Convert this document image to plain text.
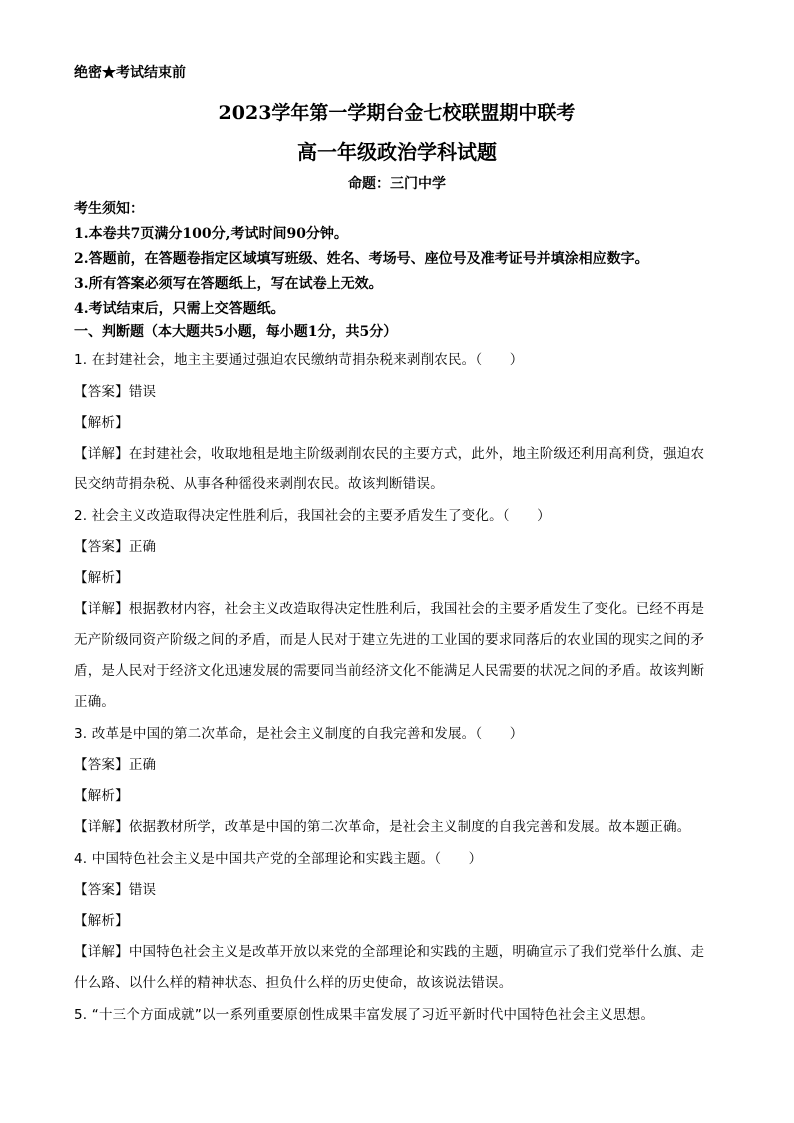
绝密★考试结束前
2023学年第一学期台金七校联盟期中联考
高一年级政治学科试题
命题：三门中学
考生须知：
1.本卷共7页满分100分,考试时间90分钟。
2.答题前，在答题卷指定区域填写班级、姓名、考场号、座位号及准考证号并填涂相应数字。
3.所有答案必须写在答题纸上，写在试卷上无效。
4.考试结束后，只需上交答题纸。
一、判断题（本大题共5小题，每小题1分，共5分）
1. 在封建社会，地主主要通过强迫农民缴纳苛捐杂税来剥削农民。（　　）
【答案】错误
【解析】
【详解】在封建社会，收取地租是地主阶级剥削农民的主要方式，此外，地主阶级还利用高利贷，强迫农
民交纳苛捐杂税、从事各种徭役来剥削农民。故该判断错误。
2. 社会主义改造取得决定性胜利后，我国社会的主要矛盾发生了变化。（　　）
【答案】正确
【解析】
【详解】根据教材内容，社会主义改造取得决定性胜利后，我国社会的主要矛盾发生了变化。已经不再是
无产阶级同资产阶级之间的矛盾，而是人民对于建立先进的工业国的要求同落后的农业国的现实之间的矛
盾，是人民对于经济文化迅速发展的需要同当前经济文化不能满足人民需要的状况之间的矛盾。故该判断
正确。
3. 改革是中国的第二次革命，是社会主义制度的自我完善和发展。（　　）
【答案】正确
【解析】
【详解】依据教材所学，改革是中国的第二次革命，是社会主义制度的自我完善和发展。故本题正确。
4. 中国特色社会主义是中国共产党的全部理论和实践主题。（　　）
【答案】错误
【解析】
【详解】中国特色社会主义是改革开放以来党的全部理论和实践的主题，明确宣示了我们党举什么旗、走
什么路、以什么样的精神状态、担负什么样的历史使命，故该说法错误。
5. “十三个方面成就”以一系列重要原创性成果丰富发展了习近平新时代中国特色社会主义思想。
